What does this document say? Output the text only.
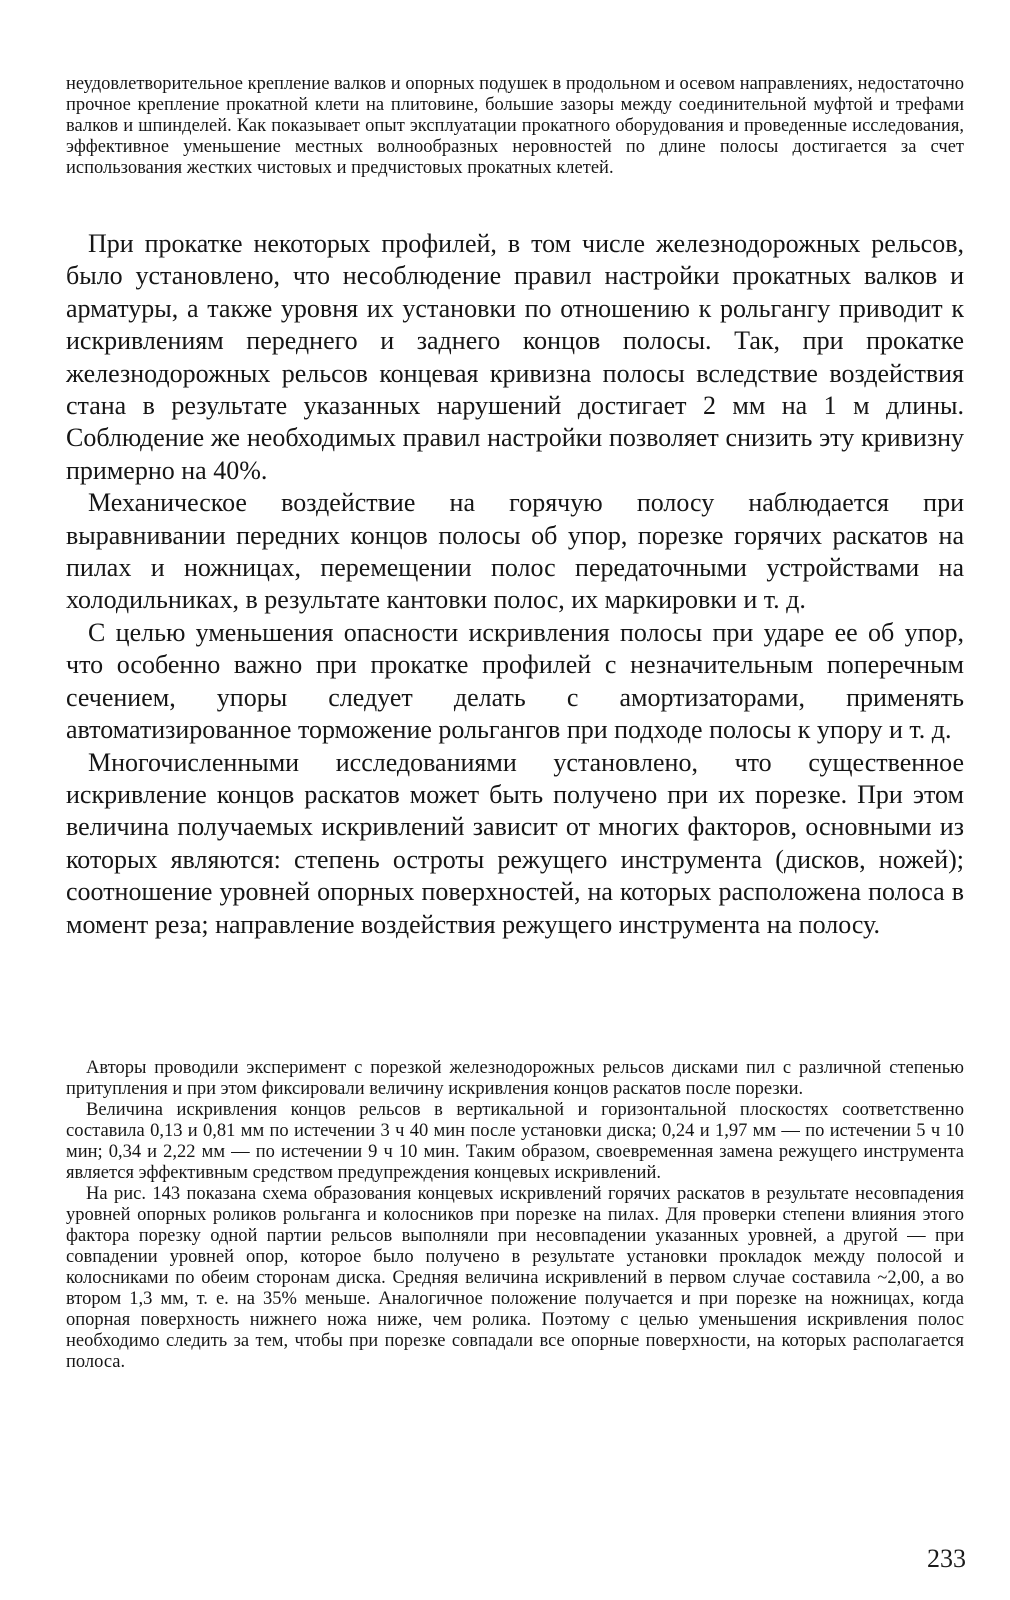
неудовлетворительное крепление валков и опорных подушек в продольном и осевом направлениях, недостаточно прочное крепление прокатной клети на плитовине, большие зазоры между соединительной муфтой и трефами валков и шпинделей. Как показывает опыт эксплуатации прокатного оборудования и проведенные исследования, эффективное уменьшение местных волнообразных неровностей по длине полосы достигается за счет использования жестких чистовых и предчистовых прокатных клетей.

При прокатке некоторых профилей, в том числе железнодорожных рельсов, было установлено, что несоблюдение правил настройки прокатных валков и арматуры, а также уровня их установки по отношению к рольгангу приводит к искривлениям переднего и заднего концов полосы. Так, при прокатке железнодорожных рельсов концевая кривизна полосы вследствие воздействия стана в результате указанных нарушений достигает 2 мм на 1 м длины. Соблюдение же необходимых правил настройки позволяет снизить эту кривизну примерно на 40%.

Механическое воздействие на горячую полосу наблюдается при выравнивании передних концов полосы об упор, порезке горячих раскатов на пилах и ножницах, перемещении полос передаточными устройствами на холодильниках, в результате кантовки полос, их маркировки и т. д.

С целью уменьшения опасности искривления полосы при ударе ее об упор, что особенно важно при прокатке профилей с незначительным поперечным сечением, упоры следует делать с амортизаторами, применять автоматизированное торможение рольгангов при подходе полосы к упору и т. д.

Многочисленными исследованиями установлено, что существенное искривление концов раскатов может быть получено при их порезке. При этом величина получаемых искривлений зависит от многих факторов, основными из которых являются: степень остроты режущего инструмента (дисков, ножей); соотношение уровней опорных поверхностей, на которых расположена полоса в момент реза; направление воздействия режущего инструмента на полосу.

Авторы проводили эксперимент с порезкой железнодорожных рельсов дисками пил с различной степенью притупления и при этом фиксировали величину искривления концов раскатов после порезки.

Величина искривления концов рельсов в вертикальной и горизонтальной плоскостях соответственно составила 0,13 и 0,81 мм по истечении 3 ч 40 мин после установки диска; 0,24 и 1,97 мм — по истечении 5 ч 10 мин; 0,34 и 2,22 мм — по истечении 9 ч 10 мин. Таким образом, своевременная замена режущего инструмента является эффективным средством предупреждения концевых искривлений.

На рис. 143 показана схема образования концевых искривлений горячих раскатов в результате несовпадения уровней опорных роликов рольганга и колосников при порезке на пилах. Для проверки степени влияния этого фактора порезку одной партии рельсов выполняли при несовпадении указанных уровней, а другой — при совпадении уровней опор, которое было получено в результате установки прокладок между полосой и колосниками по обеим сторонам диска. Средняя величина искривлений в первом случае составила ~2,00, а во втором 1,3 мм, т. е. на 35% меньше. Аналогичное положение получается и при порезке на ножницах, когда опорная поверхность нижнего ножа ниже, чем ролика. Поэтому с целью уменьшения искривления полос необходимо следить за тем, чтобы при порезке совпадали все опорные поверхности, на которых располагается полоса.

233
